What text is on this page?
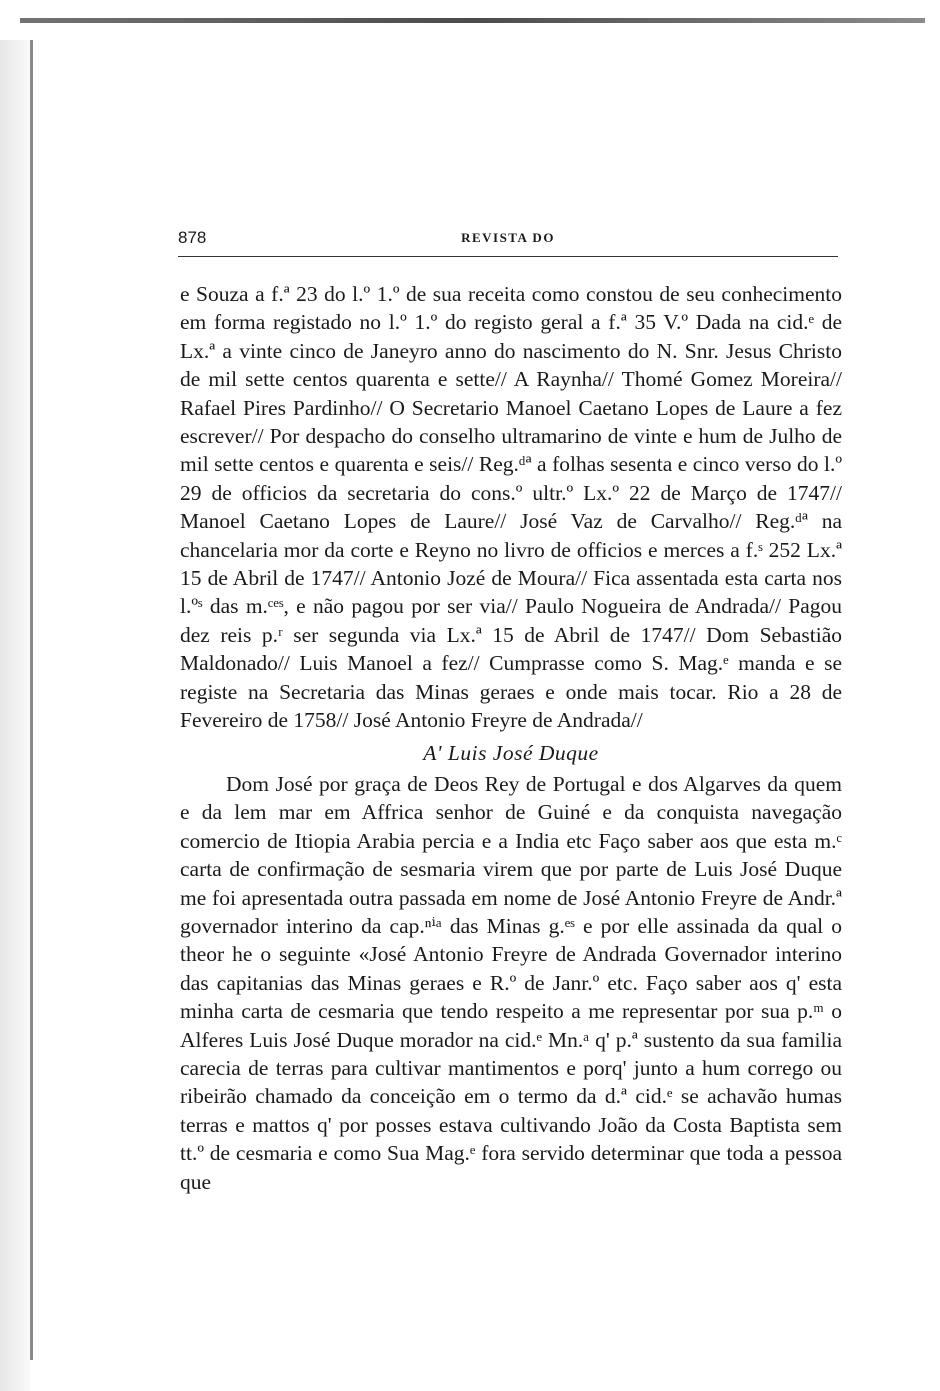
878	REVISTA DO

e Souza a f.ª 23 do l.º 1.º de sua receita como constou de seu conhecimento em forma registado no l.º 1.º do registo geral a f.ª 35 V.º Dada na cid.ᵉ de Lx.ª a vinte cinco de Janeyro anno do nascimento do N. Snr. Jesus Christo de mil sette centos quarenta e sette// A Raynha// Thomé Gomez Moreira// Rafael Pires Pardinho// O Secretario Manoel Caetano Lopes de Laure a fez escrever// Por despacho do conselho ultramarino de vinte e hum de Julho de mil sette centos e quarenta e seis// Reg.ᵈª a folhas sesenta e cinco verso do l.º 29 de officios da secretaria do cons.º ultr.º Lx.º 22 de Março de 1747// Manoel Caetano Lopes de Laure// José Vaz de Carvalho// Reg.ᵈª na chancelaria mor da corte e Reyno no livro de officios e merces a f.ˢ 252 Lx.ª 15 de Abril de 1747// Antonio Jozé de Moura// Fica assentada esta carta nos l.ºˢ das m.ᶜᵉˢ, e não pagou por ser via// Paulo Nogueira de Andrada// Pagou dez reis p.ʳ ser segunda via Lx.ª 15 de Abril de 1747// Dom Sebastião Maldonado// Luis Manoel a fez// Cumprasse como S. Mag.ᵉ manda e se registe na Secretaria das Minas geraes e onde mais tocar. Rio a 28 de Fevereiro de 1758// José Antonio Freyre de Andrada//

A' Luis José Duque

Dom José por graça de Deos Rey de Portugal e dos Algarves da quem e da lem mar em Affrica senhor de Guiné e da conquista navegação comercio de Itiopia Arabia percia e a India etc Faço saber aos que esta m.ᶜ carta de confirmação de sesmaria virem que por parte de Luis José Duque me foi apresentada outra passada em nome de José Antonio Freyre de Andr.ª governador interino da cap.ⁿⁱᵃ das Minas g.ᵉˢ e por elle assinada da qual o theor he o seguinte «José Antonio Freyre de Andrada Governador interino das capitanias das Minas geraes e R.º de Janr.º etc. Faço saber aos q' esta minha carta de cesmaria que tendo respeito a me representar por sua p.ᵐ o Alferes Luis José Duque morador na cid.ᵉ Mn.ᵃ q' p.ª sustento da sua familia carecia de terras para cultivar mantimentos e porq' junto a hum corrego ou ribeirão chamado da conceição em o termo da d.ª cid.ᵉ se achavão humas terras e mattos q' por posses estava cultivando João da Costa Baptista sem tt.º de cesmaria e como Sua Mag.ᵉ fora servido determinar que toda a pessoa que
